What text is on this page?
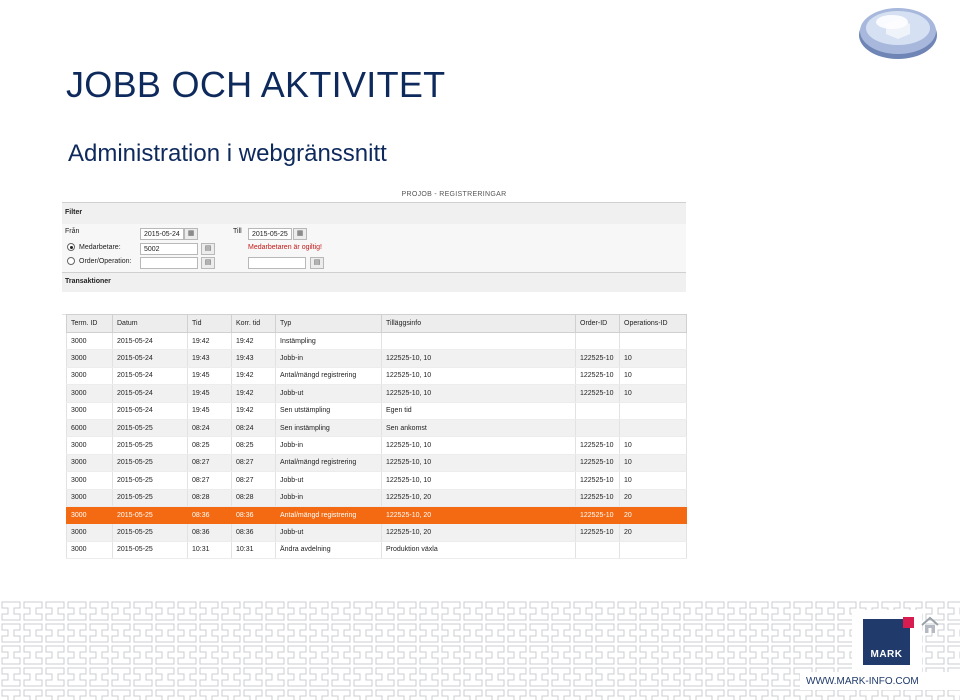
JOBB OCH AKTIVITET
Administration i webgränssnitt
PROJOB - REGISTRERINGAR
Filter
Från	2015-05-24	▦	Till	2015-05-25	▦
Medarbetare:	5002	▤	Medarbetaren är ogiltig!
Order/Operation:	▤	▤
Transaktioner
Term. ID	Datum	Tid	Korr. tid	Typ	Tilläggsinfo	Order-ID	Operations-ID
3000	2015-05-24	19:42	19:42	Instämpling			
3000	2015-05-24	19:43	19:43	Jobb-in	122525-10, 10	122525-10	10
3000	2015-05-24	19:45	19:42	Antal/mängd registrering	122525-10, 10	122525-10	10
3000	2015-05-24	19:45	19:42	Jobb-ut	122525-10, 10	122525-10	10
3000	2015-05-24	19:45	19:42	Sen utstämpling	Egen tid		
6000	2015-05-25	08:24	08:24	Sen instämpling	Sen ankomst		
3000	2015-05-25	08:25	08:25	Jobb-in	122525-10, 10	122525-10	10
3000	2015-05-25	08:27	08:27	Antal/mängd registrering	122525-10, 10	122525-10	10
3000	2015-05-25	08:27	08:27	Jobb-ut	122525-10, 10	122525-10	10
3000	2015-05-25	08:28	08:28	Jobb-in	122525-10, 20	122525-10	20
3000	2015-05-25	08:36	08:36	Antal/mängd registrering	122525-10, 20	122525-10	20
3000	2015-05-25	08:36	08:36	Jobb-ut	122525-10, 20	122525-10	20
3000	2015-05-25	10:31	10:31	Ändra avdelning	Produktion växla		
MARK
WWW.MARK-INFO.COM
